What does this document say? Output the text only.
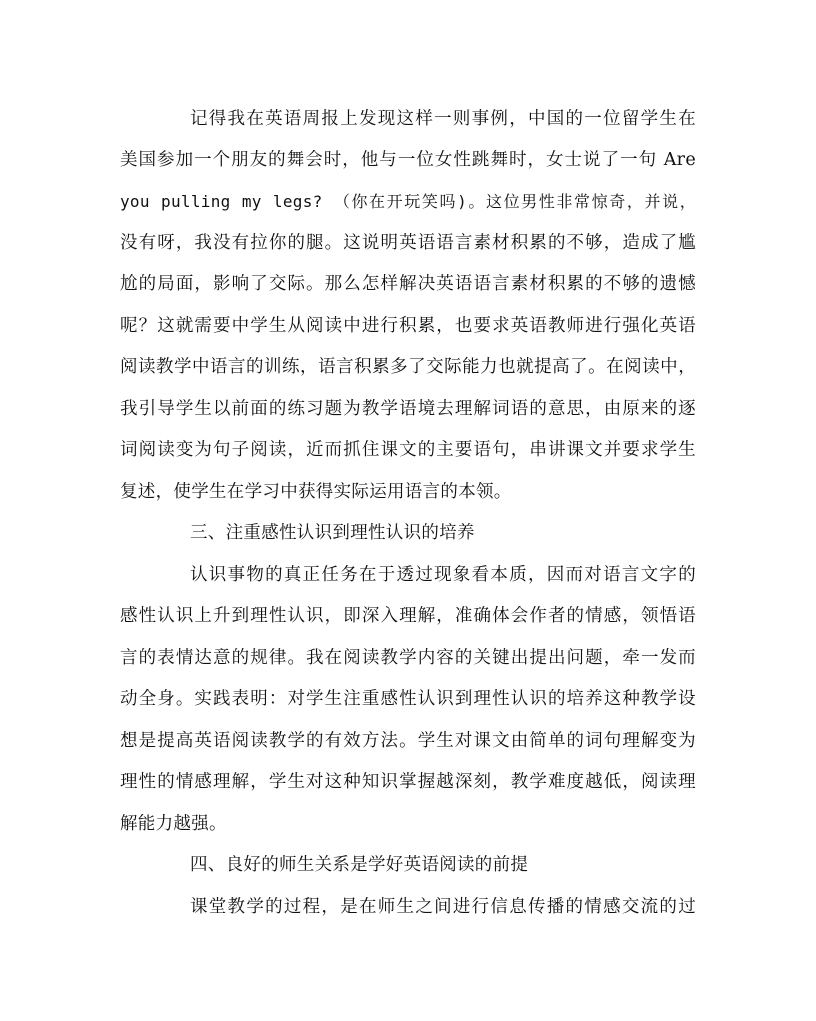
记得我在英语周报上发现这样一则事例，中国的一位留学生在
美国参加一个朋友的舞会时，他与一位女性跳舞时，女士说了一句 Are
you pulling my legs? （你在开玩笑吗)。这位男性非常惊奇，并说，
没有呀，我没有拉你的腿。这说明英语语言素材积累的不够，造成了尴
尬的局面，影响了交际。那么怎样解决英语语言素材积累的不够的遗憾
呢？这就需要中学生从阅读中进行积累，也要求英语教师进行强化英语
阅读教学中语言的训练，语言积累多了交际能力也就提高了。在阅读中，
我引导学生以前面的练习题为教学语境去理解词语的意思，由原来的逐
词阅读变为句子阅读，近而抓住课文的主要语句，串讲课文并要求学生
复述，使学生在学习中获得实际运用语言的本领。
三、注重感性认识到理性认识的培养
认识事物的真正任务在于透过现象看本质，因而对语言文字的
感性认识上升到理性认识，即深入理解，准确体会作者的情感，领悟语
言的表情达意的规律。我在阅读教学内容的关键出提出问题，牵一发而
动全身。实践表明：对学生注重感性认识到理性认识的培养这种教学设
想是提高英语阅读教学的有效方法。学生对课文由简单的词句理解变为
理性的情感理解，学生对这种知识掌握越深刻，教学难度越低，阅读理
解能力越强。
四、良好的师生关系是学好英语阅读的前提
课堂教学的过程，是在师生之间进行信息传播的情感交流的过
